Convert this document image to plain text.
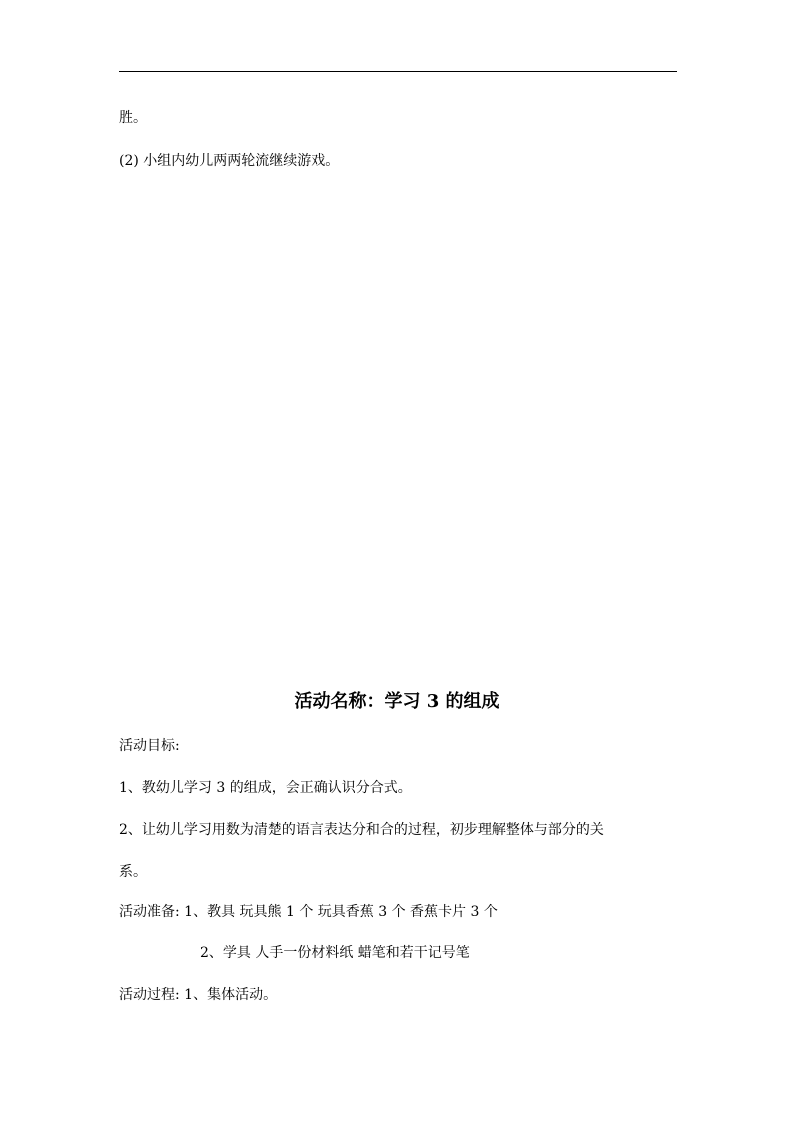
胜。
(2) 小组内幼儿两两轮流继续游戏。
活动名称：学习 3 的组成
活动目标:
1、教幼儿学习 3 的组成，会正确认识分合式。
2、让幼儿学习用数为清楚的语言表达分和合的过程，初步理解整体与部分的关
系。
活动准备: 1、教具 玩具熊 1 个 玩具香蕉 3 个 香蕉卡片 3 个
2、学具 人手一份材料纸 蜡笔和若干记号笔
活动过程: 1、集体活动。
